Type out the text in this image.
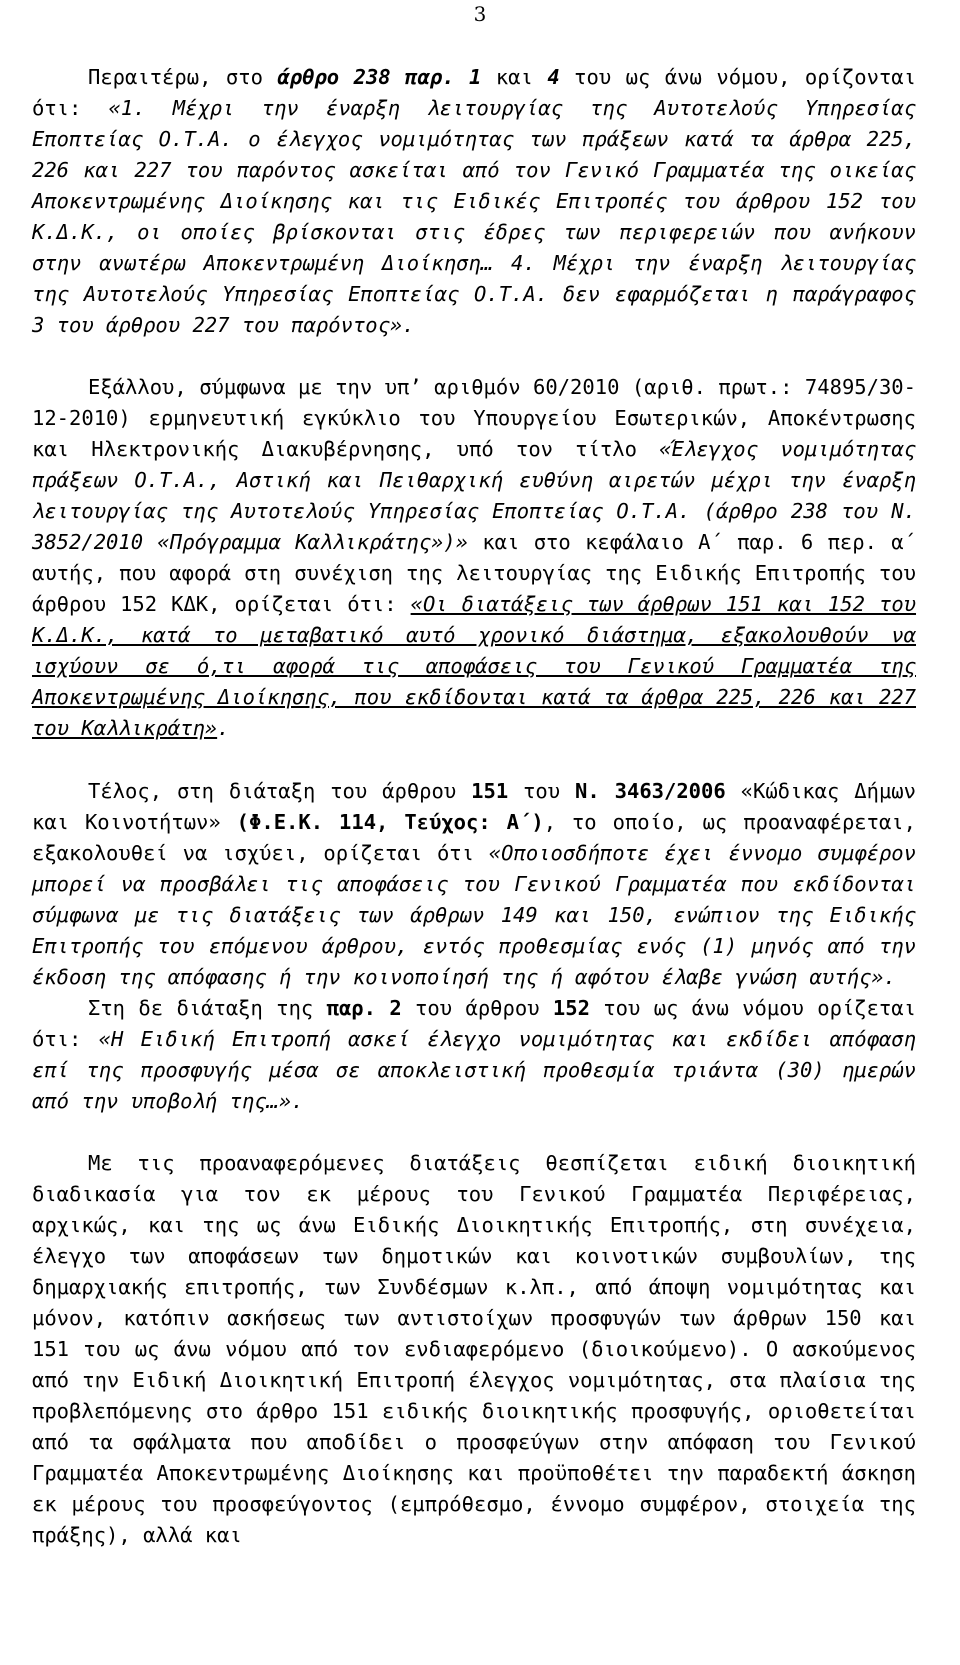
3

Περαιτέρω, στο άρθρο 238 παρ. 1 και 4 του ως άνω νόμου, ορίζονται ότι: «1. Μέχρι την έναρξη λειτουργίας της Αυτοτελούς Υπηρεσίας Εποπτείας Ο.Τ.Α. ο έλεγχος νομιμότητας των πράξεων κατά τα άρθρα 225, 226 και 227 του παρόντος ασκείται από τον Γενικό Γραμματέα της οικείας Αποκεντρωμένης Διοίκησης και τις Ειδικές Επιτροπές του άρθρου 152 του Κ.Δ.Κ., οι οποίες βρίσκονται στις έδρες των περιφερειών που ανήκουν στην ανωτέρω Αποκεντρωμένη Διοίκηση… 4. Μέχρι την έναρξη λειτουργίας της Αυτοτελούς Υπηρεσίας Εποπτείας Ο.Τ.Α. δεν εφαρμόζεται η παράγραφος 3 του άρθρου 227 του παρόντος».

Εξάλλου, σύμφωνα με την υπ’ αριθμόν 60/2010 (αριθ. πρωτ.: 74895/30-12-2010) ερμηνευτική εγκύκλιο του Υπουργείου Εσωτερικών, Αποκέντρωσης και Ηλεκτρονικής Διακυβέρνησης, υπό τον τίτλο «Έλεγχος νομιμότητας πράξεων Ο.Τ.Α., Αστική και Πειθαρχική ευθύνη αιρετών μέχρι την έναρξη λειτουργίας της Αυτοτελούς Υπηρεσίας Εποπτείας Ο.Τ.Α. (άρθρο 238 του Ν. 3852/2010 «Πρόγραμμα Καλλικράτης»)» και στο κεφάλαιο Α΄ παρ. 6 περ. α΄ αυτής, που αφορά στη συνέχιση της λειτουργίας της Ειδικής Επιτροπής του άρθρου 152 ΚΔΚ, ορίζεται ότι: «Οι διατάξεις των άρθρων 151 και 152 του Κ.Δ.Κ., κατά το μεταβατικό αυτό χρονικό διάστημα, εξακολουθούν να ισχύουν σε ό,τι αφορά τις αποφάσεις του Γενικού Γραμματέα της Αποκεντρωμένης Διοίκησης, που εκδίδονται κατά τα άρθρα 225, 226 και 227 του Καλλικράτη».

Τέλος, στη διάταξη του άρθρου 151 του Ν. 3463/2006 «Κώδικας Δήμων και Κοινοτήτων» (Φ.Ε.Κ. 114, Τεύχος: Α΄), το οποίο, ως προαναφέρεται, εξακολουθεί να ισχύει, ορίζεται ότι «Οποιοσδήποτε έχει έννομο συμφέρον μπορεί να προσβάλει τις αποφάσεις του Γενικού Γραμματέα που εκδίδονται σύμφωνα με τις διατάξεις των άρθρων 149 και 150, ενώπιον της Ειδικής Επιτροπής του επόμενου άρθρου, εντός προθεσμίας ενός (1) μηνός από την έκδοση της απόφασης ή την κοινοποίησή της ή αφότου έλαβε γνώση αυτής».

Στη δε διάταξη της παρ. 2 του άρθρου 152 του ως άνω νόμου ορίζεται ότι: «Η Ειδική Επιτροπή ασκεί έλεγχο νομιμότητας και εκδίδει απόφαση επί της προσφυγής μέσα σε αποκλειστική προθεσμία τριάντα (30) ημερών από την υποβολή της…».

Με τις προαναφερόμενες διατάξεις θεσπίζεται ειδική διοικητική διαδικασία για τον εκ μέρους του Γενικού Γραμματέα Περιφέρειας, αρχικώς, και της ως άνω Ειδικής Διοικητικής Επιτροπής, στη συνέχεια, έλεγχο των αποφάσεων των δημοτικών και κοινοτικών συμβουλίων, της δημαρχιακής επιτροπής, των Συνδέσμων κ.λπ., από άποψη νομιμότητας και μόνον, κατόπιν ασκήσεως των αντιστοίχων προσφυγών των άρθρων 150 και 151 του ως άνω νόμου από τον ενδιαφερόμενο (διοικούμενο). Ο ασκούμενος από την Ειδική Διοικητική Επιτροπή έλεγχος νομιμότητας, στα πλαίσια της προβλεπόμενης στο άρθρο 151 ειδικής διοικητικής προσφυγής, οριοθετείται από τα σφάλματα που αποδίδει ο προσφεύγων στην απόφαση του Γενικού Γραμματέα Αποκεντρωμένης Διοίκησης και προϋποθέτει την παραδεκτή άσκηση εκ μέρους του προσφεύγοντος (εμπρόθεσμο, έννομο συμφέρον, στοιχεία της πράξης), αλλά και
